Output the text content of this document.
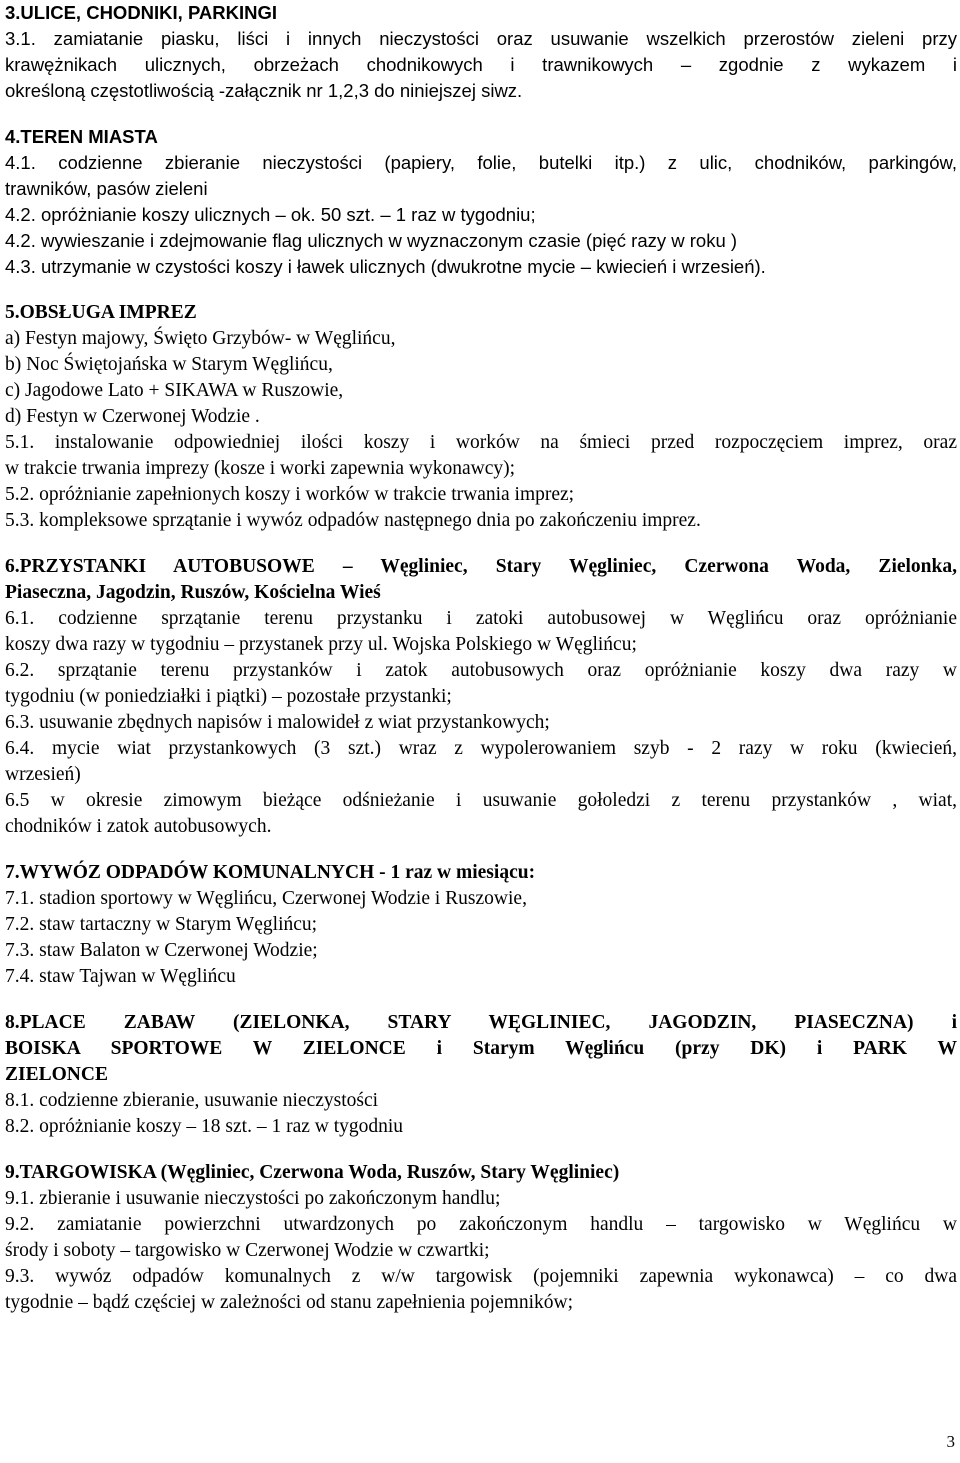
3.ULICE, CHODNIKI, PARKINGI
3.1. zamiatanie piasku, liści i innych nieczystości oraz usuwanie wszelkich przerostów zieleni przy
krawężnikach ulicznych, obrzeżach chodnikowych i trawnikowych – zgodnie z wykazem i
określoną częstotliwością -załącznik nr 1,2,3 do niniejszej siwz.
4.TEREN MIASTA
4.1. codzienne zbieranie nieczystości (papiery, folie, butelki itp.) z ulic, chodników, parkingów,
trawników, pasów zieleni
4.2. opróżnianie koszy ulicznych – ok. 50 szt. – 1 raz w tygodniu;
4.2. wywieszanie i zdejmowanie flag ulicznych w wyznaczonym czasie (pięć razy w roku )
4.3. utrzymanie w czystości koszy i ławek ulicznych (dwukrotne mycie – kwiecień i wrzesień).
5.OBSŁUGA IMPREZ
a) Festyn majowy, Święto Grzybów- w Węglińcu,
b) Noc Świętojańska w Starym Węglińcu,
c) Jagodowe Lato + SIKAWA w Ruszowie,
d) Festyn w Czerwonej Wodzie .
5.1. instalowanie odpowiedniej ilości koszy i worków na śmieci przed rozpoczęciem imprez, oraz
w trakcie trwania imprezy (kosze i worki zapewnia wykonawcy);
5.2. opróżnianie zapełnionych koszy i worków w trakcie trwania imprez;
5.3. kompleksowe sprzątanie i wywóz odpadów następnego dnia po zakończeniu imprez.
6.PRZYSTANKI AUTOBUSOWE – Węgliniec, Stary Węgliniec, Czerwona Woda, Zielonka,
Piaseczna, Jagodzin, Ruszów, Kościelna Wieś
6.1. codzienne sprzątanie terenu przystanku i zatoki autobusowej w Węglińcu oraz opróżnianie
koszy dwa razy w tygodniu – przystanek przy ul. Wojska Polskiego w Węglińcu;
6.2. sprzątanie terenu przystanków i zatok autobusowych oraz opróżnianie koszy dwa razy w
tygodniu (w poniedziałki i piątki) – pozostałe przystanki;
6.3. usuwanie zbędnych napisów i malowideł z wiat przystankowych;
6.4. mycie wiat przystankowych (3 szt.) wraz z wypolerowaniem szyb - 2 razy w roku (kwiecień,
wrzesień)
6.5 w okresie zimowym bieżące odśnieżanie i usuwanie gołoledzi z terenu przystanków , wiat,
chodników i zatok autobusowych.
7.WYWÓZ ODPADÓW KOMUNALNYCH - 1 raz w miesiącu:
7.1. stadion sportowy w Węglińcu, Czerwonej Wodzie i Ruszowie,
7.2. staw tartaczny w Starym Węglińcu;
7.3. staw Balaton w Czerwonej Wodzie;
7.4. staw Tajwan w Węglińcu
8.PLACE ZABAW (ZIELONKA, STARY WĘGLINIEC, JAGODZIN, PIASECZNA) i
BOISKA SPORTOWE W ZIELONCE i Starym Węglińcu (przy DK) i PARK W
ZIELONCE
8.1. codzienne zbieranie, usuwanie nieczystości
8.2. opróżnianie koszy – 18 szt. – 1 raz w tygodniu
9.TARGOWISKA (Węgliniec, Czerwona Woda, Ruszów, Stary Węgliniec)
9.1. zbieranie i usuwanie nieczystości po zakończonym handlu;
9.2. zamiatanie powierzchni utwardzonych po zakończonym handlu – targowisko w Węglińcu w
środy i soboty – targowisko w Czerwonej Wodzie w czwartki;
9.3. wywóz odpadów komunalnych z w/w targowisk (pojemniki zapewnia wykonawca) – co dwa
tygodnie – bądź częściej w zależności od stanu zapełnienia pojemników;
3
